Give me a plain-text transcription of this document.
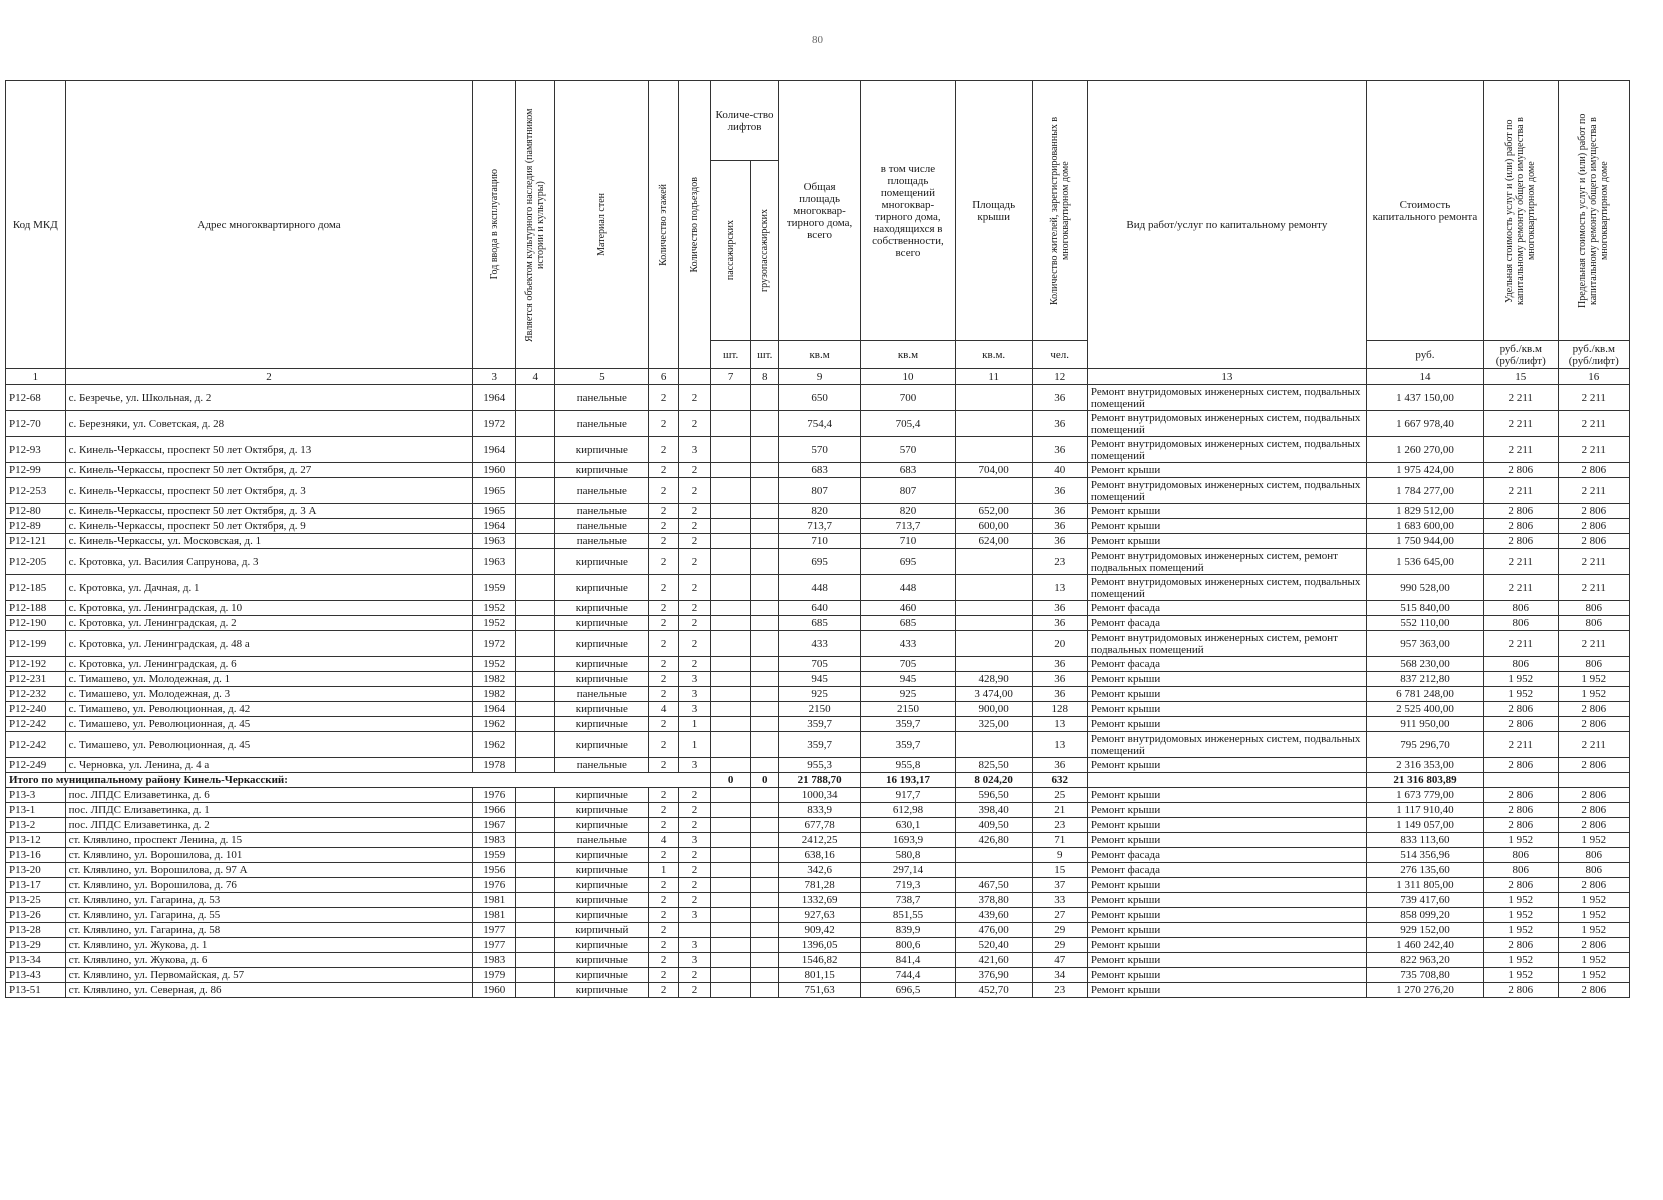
80
Код МКД	Адрес многоквартирного дома	Год ввода в эксплуатацию	Является объектом культурного наследия (памятником истории и культуры)	Материал стен	Количество этажей	Количество подъездов	Количе-ство лифтов		Общая площадь многоквар-тирного дома, всего	в том числе площадь помещений многоквар-тирного дома, находящихся в собственности, всего	Площадь крыши	Количество жителей, зарегистрированных в многоквартирном доме	Вид работ/услуг по капитальному ремонту	Стоимость капитального ремонта	Удельная стоимость услуг и (или) работ по капитальному ремонту общего имущества в многоквартирном доме	Предельная стоимость услуг и (или) работ по капитальному ремонту общего имущества в многоквартирном доме

							пассажирских	грузопассажирских								

							шт.	шт.	кв.м	кв.м	кв.м.	чел.		руб.	руб./кв.м (руб/лифт)	руб./кв.м (руб/лифт)
1	2	3	4	5	6		7	8	9	10	11	12	13	14	15	16
P12-68	с. Безречье, ул. Школьная, д. 2	1964		панельные	2	2			650	700		36	Ремонт внутридомовых инженерных систем, подвальных помещений	1 437 150,00	2 211	2 211
P12-70	с. Березняки, ул. Советская, д. 28	1972		панельные	2	2			754,4	705,4		36	Ремонт внутридомовых инженерных систем, подвальных помещений	1 667 978,40	2 211	2 211
P12-93	с. Кинель-Черкассы, проспект 50 лет Октября, д. 13	1964		кирпичные	2	3			570	570		36	Ремонт внутридомовых инженерных систем, подвальных помещений	1 260 270,00	2 211	2 211
P12-99	с. Кинель-Черкассы, проспект 50 лет Октября, д. 27	1960		кирпичные	2	2			683	683	704,00	40	Ремонт крыши	1 975 424,00	2 806	2 806
P12-253	с. Кинель-Черкассы, проспект 50 лет Октября, д. 3	1965		панельные	2	2			807	807		36	Ремонт внутридомовых инженерных систем, подвальных помещений	1 784 277,00	2 211	2 211
P12-80	с. Кинель-Черкассы, проспект 50 лет Октября, д. 3 А	1965		панельные	2	2			820	820	652,00	36	Ремонт крыши	1 829 512,00	2 806	2 806
P12-89	с. Кинель-Черкассы, проспект 50 лет Октября, д. 9	1964		панельные	2	2			713,7	713,7	600,00	36	Ремонт крыши	1 683 600,00	2 806	2 806
P12-121	с. Кинель-Черкассы, ул. Московская, д. 1	1963		панельные	2	2			710	710	624,00	36	Ремонт крыши	1 750 944,00	2 806	2 806
P12-205	с. Кротовка, ул. Василия Сапрунова, д. 3	1963		кирпичные	2	2			695	695		23	Ремонт внутридомовых инженерных систем, ремонт подвальных помещений	1 536 645,00	2 211	2 211
P12-185	с. Кротовка, ул. Дачная, д. 1	1959		кирпичные	2	2			448	448		13	Ремонт внутридомовых инженерных систем, подвальных помещений	990 528,00	2 211	2 211
P12-188	с. Кротовка, ул. Ленинградская, д. 10	1952		кирпичные	2	2			640	460		36	Ремонт фасада	515 840,00	806	806
P12-190	с. Кротовка, ул. Ленинградская, д. 2	1952		кирпичные	2	2			685	685		36	Ремонт фасада	552 110,00	806	806
P12-199	с. Кротовка, ул. Ленинградская, д. 48 а	1972		кирпичные	2	2			433	433		20	Ремонт внутридомовых инженерных систем, ремонт подвальных помещений	957 363,00	2 211	2 211
P12-192	с. Кротовка, ул. Ленинградская, д. 6	1952		кирпичные	2	2			705	705		36	Ремонт фасада	568 230,00	806	806
P12-231	с. Тимашево, ул. Молодежная, д. 1	1982		кирпичные	2	3			945	945	428,90	36	Ремонт крыши	837 212,80	1 952	1 952
P12-232	с. Тимашево, ул. Молодежная, д. 3	1982		панельные	2	3			925	925	3 474,00	36	Ремонт крыши	6 781 248,00	1 952	1 952
P12-240	с. Тимашево, ул. Революционная, д. 42	1964		кирпичные	4	3			2150	2150	900,00	128	Ремонт крыши	2 525 400,00	2 806	2 806
P12-242	с. Тимашево, ул. Революционная, д. 45	1962		кирпичные	2	1			359,7	359,7	325,00	13	Ремонт крыши	911 950,00	2 806	2 806
P12-242	с. Тимашево, ул. Революционная, д. 45	1962		кирпичные	2	1			359,7	359,7		13	Ремонт внутридомовых инженерных систем, подвальных помещений	795 296,70	2 211	2 211
P12-249	с. Черновка, ул. Ленина, д. 4 а	1978		панельные	2	3			955,3	955,8	825,50	36	Ремонт крыши	2 316 353,00	2 806	2 806
Итого по муниципальному району Кинель-Черкасский:							0	0	21 788,70	16 193,17	8 024,20	632		21 316 803,89		
P13-3	пос. ЛПДС Елизаветинка, д. 6	1976		кирпичные	2	2			1000,34	917,7	596,50	25	Ремонт крыши	1 673 779,00	2 806	2 806
P13-1	пос. ЛПДС Елизаветинка, д. 1	1966		кирпичные	2	2			833,9	612,98	398,40	21	Ремонт крыши	1 117 910,40	2 806	2 806
P13-2	пос. ЛПДС Елизаветинка, д. 2	1967		кирпичные	2	2			677,78	630,1	409,50	23	Ремонт крыши	1 149 057,00	2 806	2 806
P13-12	ст. Клявлино, проспект Ленина, д. 15	1983		панельные	4	3			2412,25	1693,9	426,80	71	Ремонт крыши	833 113,60	1 952	1 952
P13-16	ст. Клявлино, ул. Ворошилова, д. 101	1959		кирпичные	2	2			638,16	580,8		9	Ремонт фасада	514 356,96	806	806
P13-20	ст. Клявлино, ул. Ворошилова, д. 97 А	1956		кирпичные	1	2			342,6	297,14		15	Ремонт фасада	276 135,60	806	806
P13-17	ст. Клявлино, ул. Ворошилова, д. 76	1976		кирпичные	2	2			781,28	719,3	467,50	37	Ремонт крыши	1 311 805,00	2 806	2 806
P13-25	ст. Клявлино, ул. Гагарина, д. 53	1981		кирпичные	2	2			1332,69	738,7	378,80	33	Ремонт крыши	739 417,60	1 952	1 952
P13-26	ст. Клявлино, ул. Гагарина, д. 55	1981		кирпичные	2	3			927,63	851,55	439,60	27	Ремонт крыши	858 099,20	1 952	1 952
P13-28	ст. Клявлино, ул. Гагарина, д. 58	1977		кирпичный	2				909,42	839,9	476,00	29	Ремонт крыши	929 152,00	1 952	1 952
P13-29	ст. Клявлино, ул. Жукова, д. 1	1977		кирпичные	2	3			1396,05	800,6	520,40	29	Ремонт крыши	1 460 242,40	2 806	2 806
P13-34	ст. Клявлино, ул. Жукова, д. 6	1983		кирпичные	2	3			1546,82	841,4	421,60	47	Ремонт крыши	822 963,20	1 952	1 952
P13-43	ст. Клявлино, ул. Первомайская, д. 57	1979		кирпичные	2	2			801,15	744,4	376,90	34	Ремонт крыши	735 708,80	1 952	1 952
P13-51	ст. Клявлино, ул. Северная, д. 86	1960		кирпичные	2	2			751,63	696,5	452,70	23	Ремонт крыши	1 270 276,20	2 806	2 806
